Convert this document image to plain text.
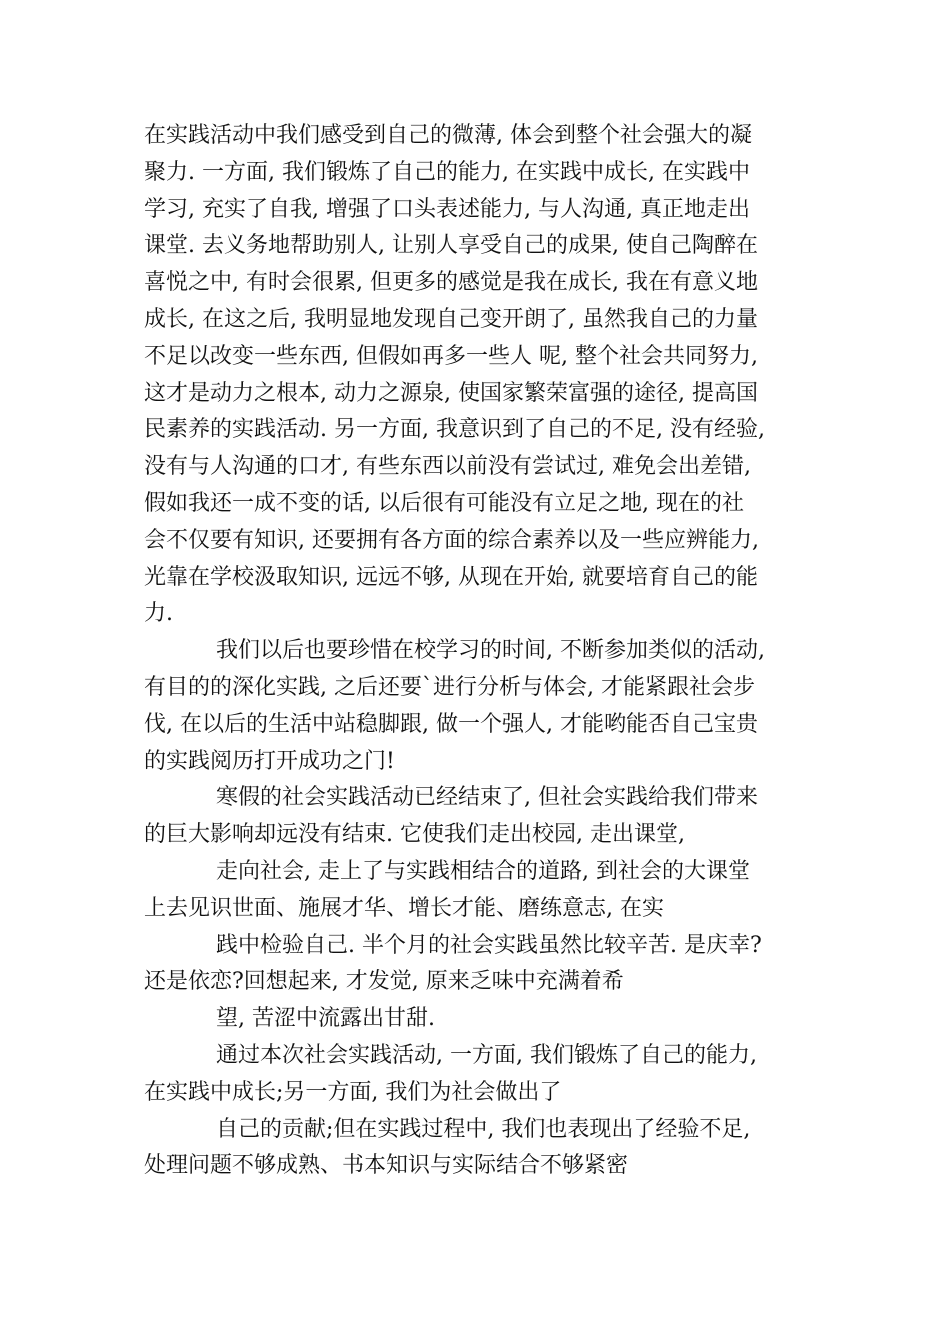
在实践活动中我们感受到自己的微薄, 体会到整个社会强大的凝
聚力. 一方面, 我们锻炼了自己的能力, 在实践中成长, 在实践中
学习, 充实了自我, 增强了口头表述能力, 与人沟通, 真正地走出
课堂. 去义务地帮助别人, 让别人享受自己的成果, 使自己陶醉在
喜悦之中, 有时会很累, 但更多的感觉是我在成长, 我在有意义地
成长, 在这之后, 我明显地发现自己变开朗了, 虽然我自己的力量
不足以改变一些东西, 但假如再多一些人 呢, 整个社会共同努力,
这才是动力之根本, 动力之源泉, 使国家繁荣富强的途径, 提高国
民素养的实践活动. 另一方面, 我意识到了自己的不足, 没有经验,
没有与人沟通的口才, 有些东西以前没有尝试过, 难免会出差错,
假如我还一成不变的话, 以后很有可能没有立足之地, 现在的社
会不仅要有知识, 还要拥有各方面的综合素养以及一些应辨能力,
光靠在学校汲取知识, 远远不够, 从现在开始, 就要培育自己的能
力.
我们以后也要珍惜在校学习的时间, 不断参加类似的活动,
有目的的深化实践, 之后还要`进行分析与体会, 才能紧跟社会步
伐, 在以后的生活中站稳脚跟, 做一个强人, 才能哟能否自己宝贵
的实践阅历打开成功之门!
寒假的社会实践活动已经结束了, 但社会实践给我们带来
的巨大影响却远没有结束. 它使我们走出校园, 走出课堂,
走向社会, 走上了与实践相结合的道路, 到社会的大课堂
上去见识世面、施展才华、增长才能、磨练意志, 在实
践中检验自己. 半个月的社会实践虽然比较辛苦. 是庆幸?
还是依恋?回想起来, 才发觉, 原来乏味中充满着希
望, 苦涩中流露出甘甜.
通过本次社会实践活动, 一方面, 我们锻炼了自己的能力,
在实践中成长;另一方面, 我们为社会做出了
自己的贡献;但在实践过程中, 我们也表现出了经验不足,
处理问题不够成熟、书本知识与实际结合不够紧密
